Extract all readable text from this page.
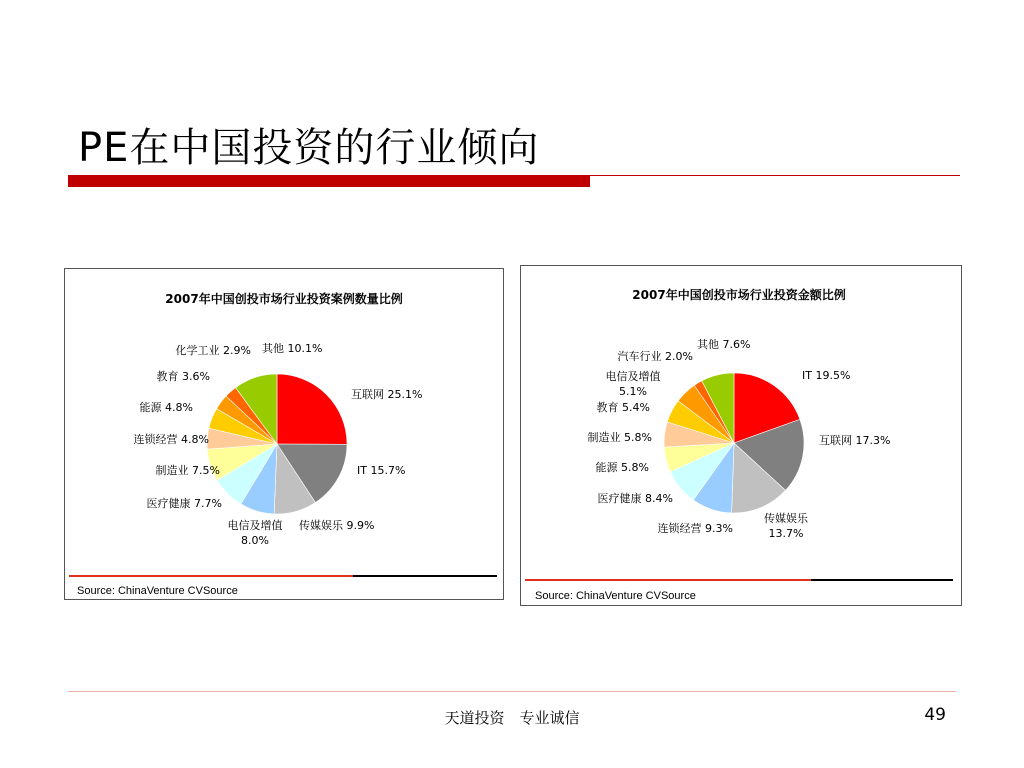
PE在中国投资的行业倾向
2007年中国创投市场行业投资案例数量比例
互联网 25.1%
IT 15.7%
传媒娱乐 9.9%
电信及增值 8.0%
医疗健康 7.7%
制造业 7.5%
连锁经营 4.8%
能源 4.8%
教育 3.6%
化学工业 2.9% 其他 10.1%
Source: ChinaVenture CVSource
2007年中国创投市场行业投资金额比例
IT 19.5%
互联网 17.3%
传媒娱乐 13.7%
连锁经营 9.3%
医疗健康 8.4%
能源 5.8%
制造业 5.8%
教育 5.4%
电信及增值 5.1%
汽车行业 2.0%
其他 7.6%
Source: ChinaVenture CVSource
天道投资　专业诚信	49
